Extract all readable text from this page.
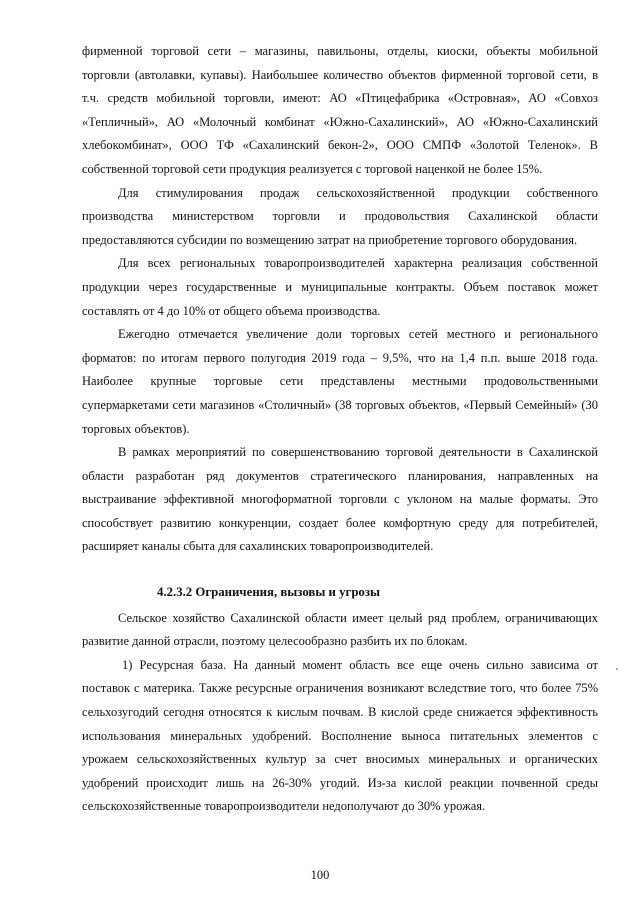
фирменной торговой сети – магазины, павильоны, отделы, киоски, объекты мобильной торговли (автолавки, купавы). Наибольшее количество объектов фирменной торговой сети, в т.ч. средств мобильной торговли, имеют: АО «Птицефабрика «Островная», АО «Совхоз «Тепличный», АО «Молочный комбинат «Южно-Сахалинский», АО «Южно-Сахалинский хлебокомбинат», ООО ТФ «Сахалинский бекон-2», ООО СМПФ «Золотой Теленок». В собственной торговой сети продукция реализуется с торговой наценкой не более 15%.

Для стимулирования продаж сельскохозяйственной продукции собственного производства министерством торговли и продовольствия Сахалинской области предоставляются субсидии по возмещению затрат на приобретение торгового оборудования.

Для всех региональных товаропроизводителей характерна реализация собственной продукции через государственные и муниципальные контракты. Объем поставок может составлять от 4 до 10% от общего объема производства.

Ежегодно отмечается увеличение доли торговых сетей местного и регионального форматов: по итогам первого полугодия 2019 года – 9,5%, что на 1,4 п.п. выше 2018 года. Наиболее крупные торговые сети представлены местными продовольственными супермаркетами сети магазинов «Столичный» (38 торговых объектов, «Первый Семейный» (30 торговых объектов).

В рамках мероприятий по совершенствованию торговой деятельности в Сахалинской области разработан ряд документов стратегического планирования, направленных на выстраивание эффективной многоформатной торговли с уклоном на малые форматы. Это способствует развитию конкуренции, создает более комфортную среду для потребителей, расширяет каналы сбыта для сахалинских товаропроизводителей.

4.2.3.2 Ограничения, вызовы и угрозы

Сельское хозяйство Сахалинской области имеет целый ряд проблем, ограничивающих развитие данной отрасли, поэтому целесообразно разбить их по блокам.

1) Ресурсная база. На данный момент область все еще очень сильно зависима от поставок с материка. Также ресурсные ограничения возникают вследствие того, что более 75% сельхозугодий сегодня относятся к кислым почвам. В кислой среде снижается эффективность использования минеральных удобрений. Восполнение выноса питательных элементов с урожаем сельскохозяйственных культур за счет вносимых минеральных и органических удобрений происходит лишь на 26-30% угодий. Из-за кислой реакции почвенной среды сельскохозяйственные товаропроизводители недополучают до 30% урожая.

100
